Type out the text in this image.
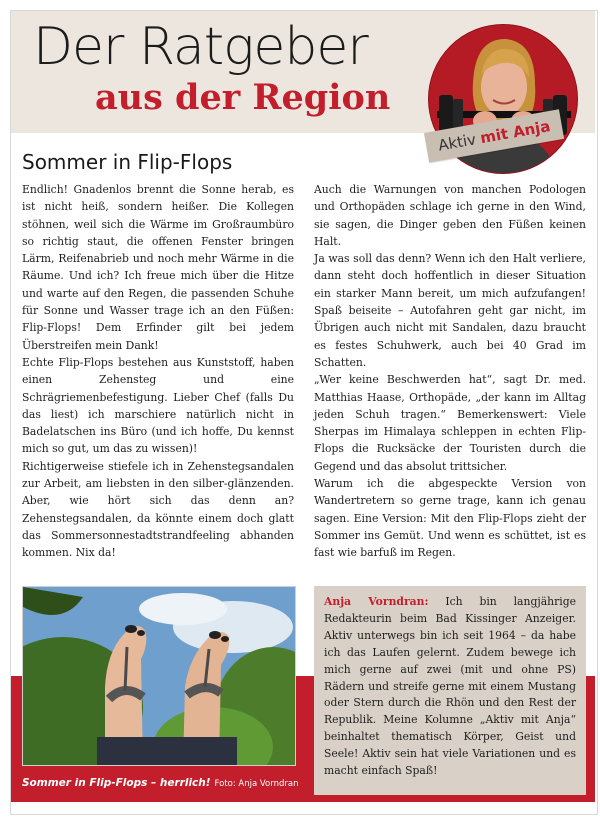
Der Ratgeber
aus der Region
Aktiv mit Anja
Sommer in Flip-Flops

Endlich! Gnadenlos brennt die Sonne herab, es ist nicht heiß, sondern heißer. Die Kollegen stöhnen, weil sich die Wärme im Großraumbüro so richtig staut, die offenen Fenster bringen Lärm, Reifenabrieb und noch mehr Wärme in die Räume. Und ich? Ich freue mich über die Hitze und warte auf den Regen, die passenden Schuhe für Sonne und Wasser trage ich an den Füßen: Flip-Flops! Dem Erfinder gilt bei jedem Überstreifen mein Dank!

Echte Flip-Flops bestehen aus Kunststoff, haben einen Zehensteg und eine Schrägriemenbefestigung. Lieber Chef (falls Du das liest) ich marschiere natürlich nicht in Badelatschen ins Büro (und ich hoffe, Du kennst mich so gut, um das zu wissen)!

Richtigerweise stiefele ich in Zehenstegsandalen zur Arbeit, am liebsten in den silber-glänzenden. Aber, wie hört sich das denn an? Zehenstegsandalen, da könnte einem doch glatt das Sommersonnestadtstrandfeeling abhanden kommen. Nix da!

Auch die Warnungen von manchen Podologen und Orthopäden schlage ich gerne in den Wind, sie sagen, die Dinger geben den Füßen keinen Halt.

Ja was soll das denn? Wenn ich den Halt verliere, dann steht doch hoffentlich in dieser Situation ein starker Mann bereit, um mich aufzufangen! Spaß beiseite – Autofahren geht gar nicht, im Übrigen auch nicht mit Sandalen, dazu braucht es festes Schuhwerk, auch bei 40 Grad im Schatten.

„Wer keine Beschwerden hat“, sagt Dr. med. Matthias Haase, Orthopäde, „der kann im Alltag jeden Schuh tragen.“ Bemerkenswert: Viele Sherpas im Himalaya schleppen in echten Flip-Flops die Rucksäcke der Touristen durch die Gegend und das absolut trittsicher.

Warum ich die abgespeckte Version von Wandertretern so gerne trage, kann ich genau sagen. Eine Version: Mit den Flip-Flops zieht der Sommer ins Gemüt. Und wenn es schüttet, ist es fast wie barfuß im Regen.

Sommer in Flip-Flops – herrlich! Foto: Anja Vorndran

Anja Vorndran: Ich bin langjährige Redakteurin beim Bad Kissinger Anzeiger. Aktiv unterwegs bin ich seit 1964 – da habe ich das Laufen gelernt. Zudem bewege ich mich gerne auf zwei (mit und ohne PS) Rädern und streife gerne mit einem Mustang oder Stern durch die Rhön und den Rest der Republik. Meine Kolumne „Aktiv mit Anja“ beinhaltet thematisch Körper, Geist und Seele! Aktiv sein hat viele Variationen und es macht einfach Spaß!
